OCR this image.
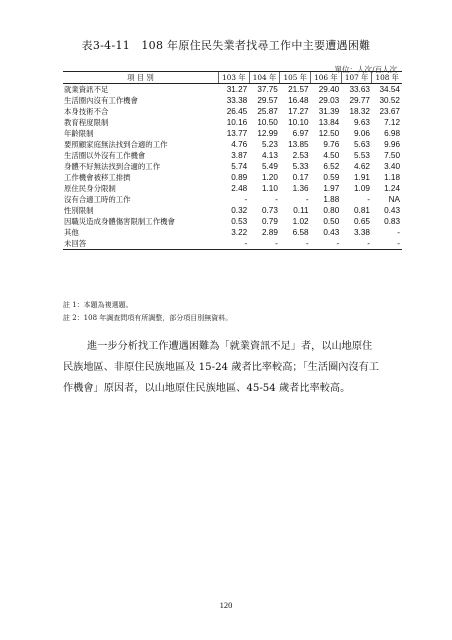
表3-4-11　108 年原住民失業者找尋工作中主要遭遇困難
單位：人次/百人次
項 目 別	103 年	104 年	105 年	106 年	107 年	108 年
就業資訊不足	31.27	37.75	21.57	29.40	33.63	34.54
生活圈內沒有工作機會	33.38	29.57	16.48	29.03	29.77	30.52
本身技術不合	26.45	25.87	17.27	31.39	18.32	23.67
教育程度限制	10.16	10.50	10.10	13.84	9.63	7.12
年齡限制	13.77	12.99	6.97	12.50	9.06	6.98
要照顧家庭無法找到合適的工作	4.76	5.23	13.85	9.76	5.63	9.96
生活圈以外沒有工作機會	3.87	4.13	2.53	4.50	5.53	7.50
身體不好無法找到合適的工作	5.74	5.49	5.33	6.52	4.62	3.40
工作機會被移工排擠	0.89	1.20	0.17	0.59	1.91	1.18
原住民身分限制	2.48	1.10	1.36	1.97	1.09	1.24
沒有合適工時的工作	-	-	-	1.88	-	NA
性別限制	0.32	0.73	0.11	0.80	0.81	0.43
因職災造成身體傷害限制工作機會	0.53	0.79	1.02	0.50	0.65	0.83
其他	3.22	2.89	6.58	0.43	3.38	-
未回答	-	-	-	-	-	-
註 1：本題為複選題。
註 2：108 年調查問項有所調整，部分項目別無資料。

進一步分析找工作遭遇困難為「就業資訊不足」者，以山地原住

民族地區、非原住民族地區及 15-24 歲者比率較高；「生活圈內沒有工

作機會」原因者，以山地原住民族地區、45-54 歲者比率較高。

120
